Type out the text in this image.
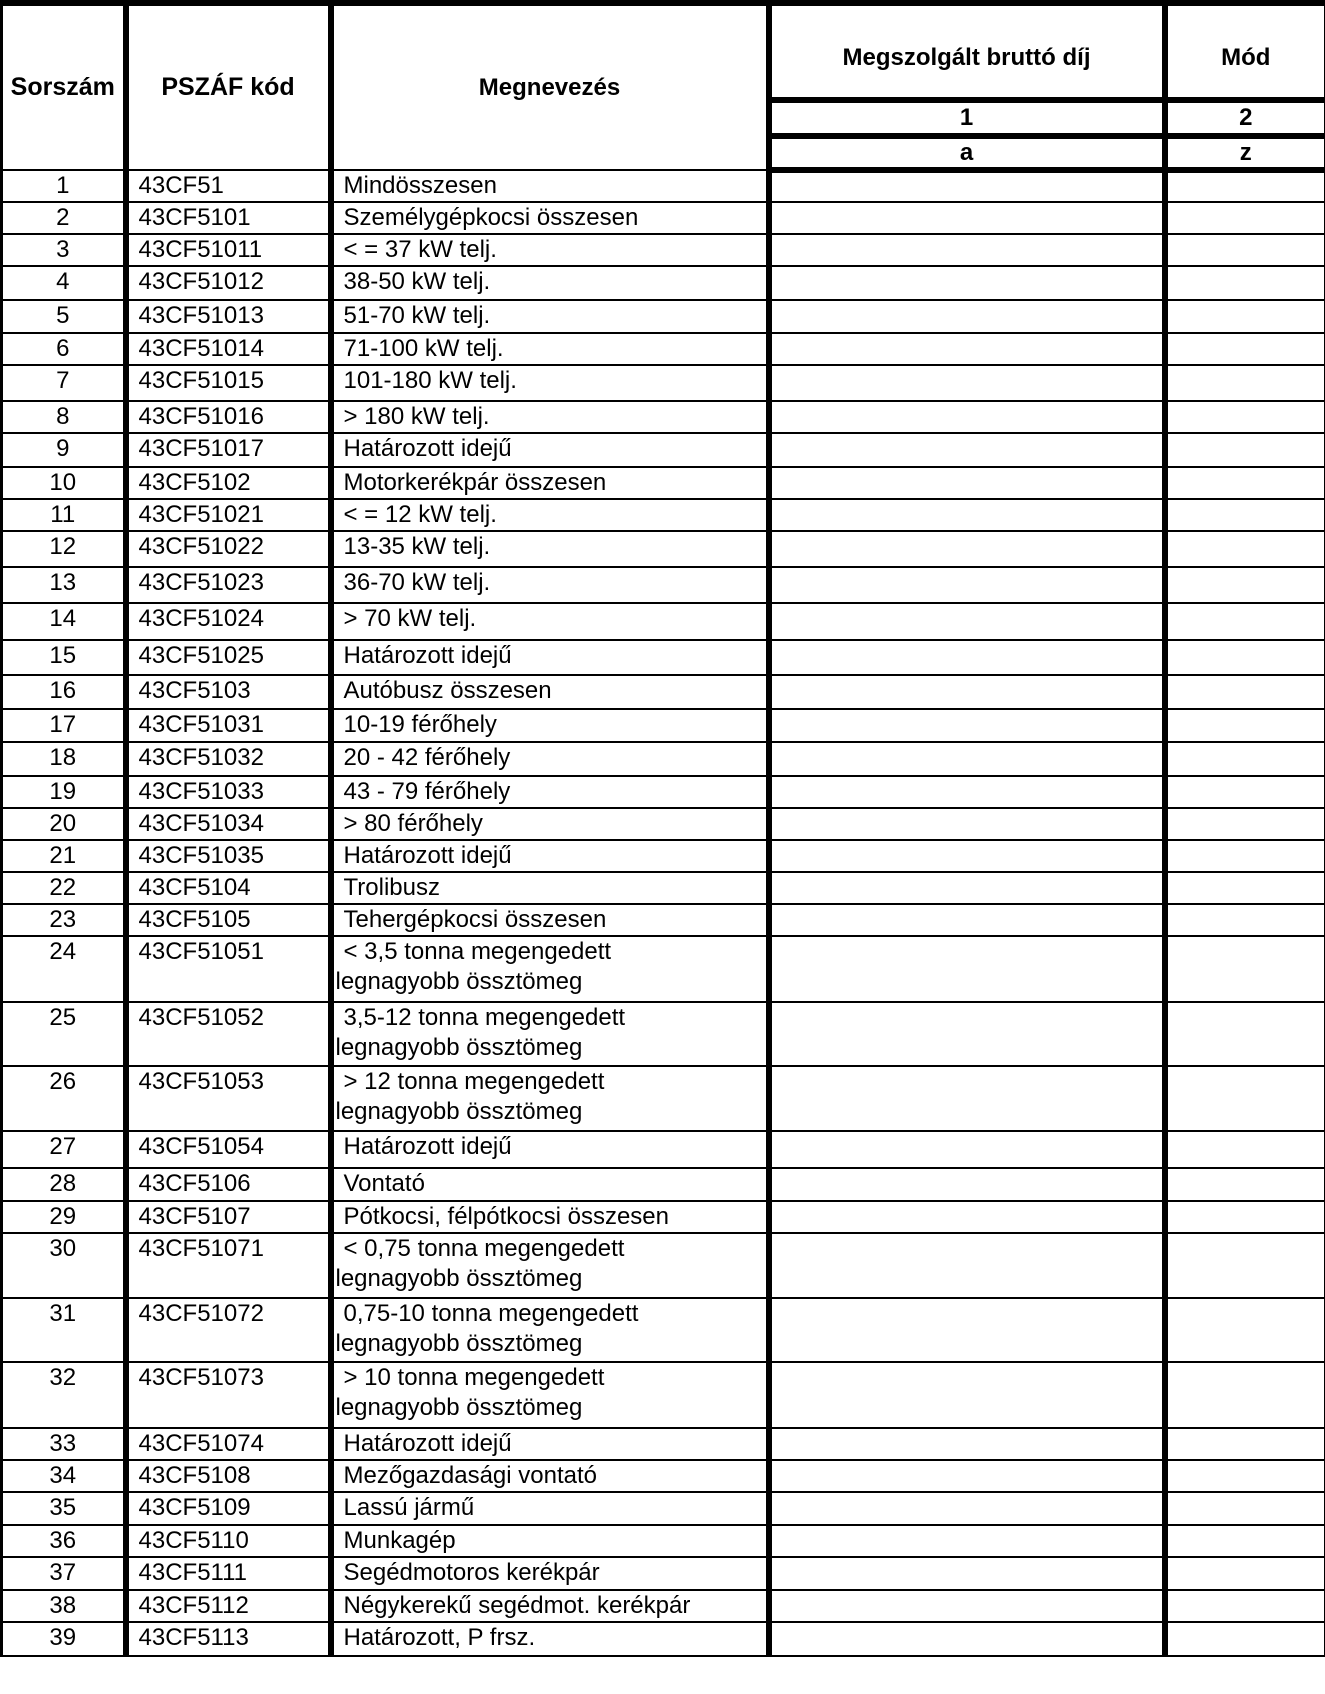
Sorszám	PSZÁF kód	Megnevezés	Megszolgált bruttó díj	Mód
			1	2
			a	z
1	43CF51	Mindösszesen		
2	43CF5101	Személygépkocsi összesen		
3	43CF51011	< = 37 kW telj.		
4	43CF51012	38-50 kW telj.		
5	43CF51013	51-70 kW telj.		
6	43CF51014	71-100 kW telj.		
7	43CF51015	101-180 kW telj.		
8	43CF51016	> 180 kW telj.		
9	43CF51017	Határozott idejű		
10	43CF5102	Motorkerékpár összesen		
11	43CF51021	< = 12 kW telj.		
12	43CF51022	13-35 kW telj.		
13	43CF51023	36-70 kW telj.		
14	43CF51024	> 70 kW telj.		
15	43CF51025	Határozott idejű		
16	43CF5103	Autóbusz összesen		
17	43CF51031	10-19 férőhely		
18	43CF51032	20 - 42 férőhely		
19	43CF51033	43 - 79 férőhely		
20	43CF51034	> 80 férőhely		
21	43CF51035	Határozott idejű		
22	43CF5104	Trolibusz		
23	43CF5105	Tehergépkocsi összesen		
24	43CF51051	< 3,5 tonna megengedett
legnagyobb össztömeg		

25	43CF51052	3,5-12 tonna megengedett
legnagyobb össztömeg		

26	43CF51053	> 12 tonna megengedett
legnagyobb össztömeg		

27	43CF51054	Határozott idejű		
28	43CF5106	Vontató		
29	43CF5107	Pótkocsi, félpótkocsi összesen		
30	43CF51071	< 0,75 tonna megengedett
legnagyobb össztömeg		

31	43CF51072	0,75-10 tonna megengedett
legnagyobb össztömeg		

32	43CF51073	> 10 tonna megengedett
legnagyobb össztömeg		

33	43CF51074	Határozott idejű		
34	43CF5108	Mezőgazdasági vontató		
35	43CF5109	Lassú jármű		
36	43CF5110	Munkagép		
37	43CF5111	Segédmotoros kerékpár		
38	43CF5112	Négykerekű segédmot. kerékpár		
39	43CF5113	Határozott, P frsz.		
